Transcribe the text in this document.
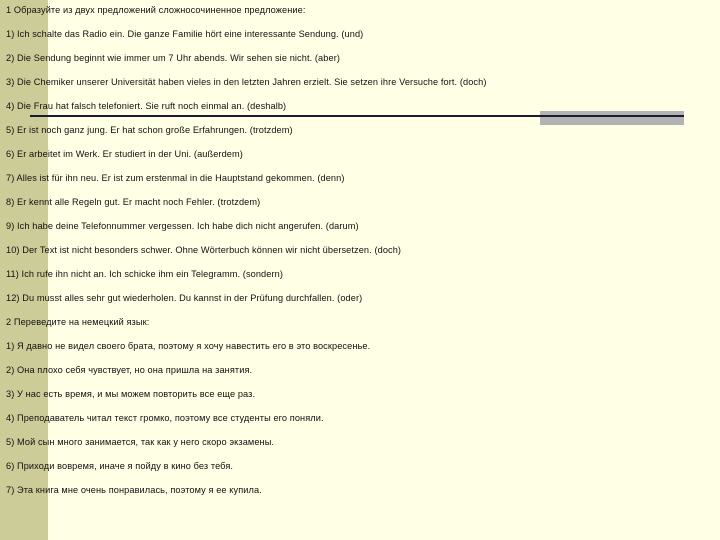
1 Образуйте из двух предложений сложносочиненное предложение:
1) Ich schalte das Radio ein. Die ganze Familie hört eine interessante Sendung. (und)
2) Die Sendung beginnt wie immer um 7 Uhr abends. Wir sehen sie nicht. (aber)
3) Die Chemiker unserer Universität haben vieles in den letzten Jahren erzielt. Sie setzen ihre Versuche fort. (doch)
4) Die Frau hat falsch telefoniert. Sie ruft noch einmal an. (deshalb)
5) Er ist noch ganz jung. Er hat schon große Erfahrungen. (trotzdem)
6) Er arbeitet im Werk. Er studiert in der Uni. (außerdem)
7) Alles ist für ihn neu. Er ist zum erstenmal in die Hauptstand gekommen. (denn)
8) Er kennt alle Regeln gut. Er macht noch Fehler. (trotzdem)
9) Ich habe deine Telefonnummer vergessen. Ich habe dich nicht angerufen. (darum)
10) Der Text ist nicht besonders schwer. Ohne Wörterbuch können wir nicht übersetzen. (doch)
11) Ich rufe ihn nicht an. Ich schicke ihm ein Telegramm. (sondern)
12) Du musst alles sehr gut wiederholen. Du kannst in der Prüfung durchfallen. (oder)
2 Переведите на немецкий язык:
1) Я давно не видел своего брата, поэтому я хочу навестить его в это воскресенье.
2) Она плохо себя чувствует, но она пришла на занятия.
3) У нас есть время, и мы можем повторить все еще раз.
4) Преподаватель читал текст громко, поэтому все студенты его поняли.
5) Мой сын много занимается, так как у него скоро экзамены.
6) Приходи вовремя, иначе я пойду в кино без тебя.
7) Эта книга мне очень понравилась, поэтому я ее купила.
